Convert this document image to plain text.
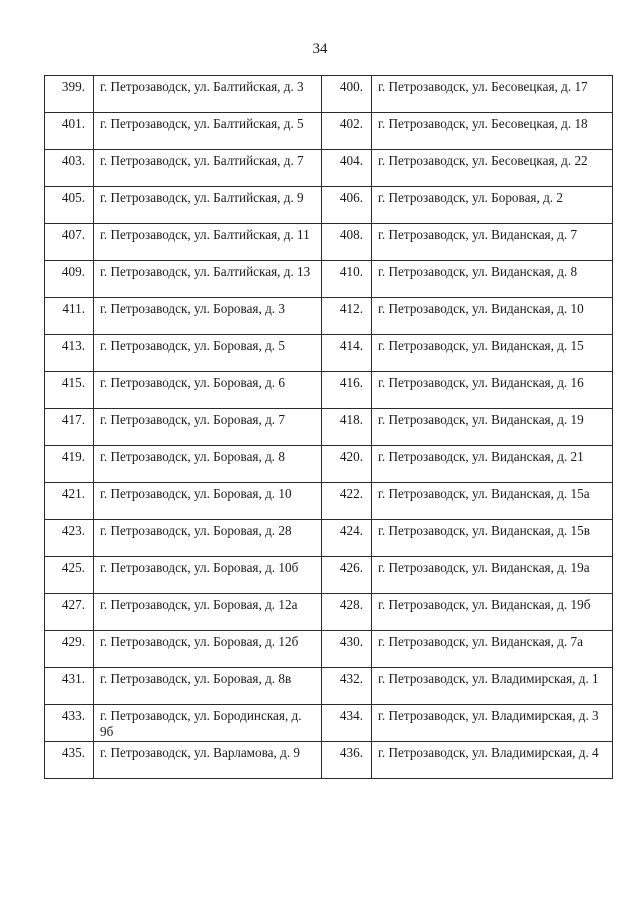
34
399.	г. Петрозаводск, ул. Балтийская, д. 3	400.	г. Петрозаводск, ул. Бесовецкая, д. 17
401.	г. Петрозаводск, ул. Балтийская, д. 5	402.	г. Петрозаводск, ул. Бесовецкая, д. 18
403.	г. Петрозаводск, ул. Балтийская, д. 7	404.	г. Петрозаводск, ул. Бесовецкая, д. 22
405.	г. Петрозаводск, ул. Балтийская, д. 9	406.	г. Петрозаводск, ул. Боровая, д. 2
407.	г. Петрозаводск, ул. Балтийская, д. 11	408.	г. Петрозаводск, ул. Виданская, д. 7
409.	г. Петрозаводск, ул. Балтийская, д. 13	410.	г. Петрозаводск, ул. Виданская, д. 8
411.	г. Петрозаводск, ул. Боровая, д. 3	412.	г. Петрозаводск, ул. Виданская, д. 10
413.	г. Петрозаводск, ул. Боровая, д. 5	414.	г. Петрозаводск, ул. Виданская, д. 15
415.	г. Петрозаводск, ул. Боровая, д. 6	416.	г. Петрозаводск, ул. Виданская, д. 16
417.	г. Петрозаводск, ул. Боровая, д. 7	418.	г. Петрозаводск, ул. Виданская, д. 19
419.	г. Петрозаводск, ул. Боровая, д. 8	420.	г. Петрозаводск, ул. Виданская, д. 21
421.	г. Петрозаводск, ул. Боровая, д. 10	422.	г. Петрозаводск, ул. Виданская, д. 15а
423.	г. Петрозаводск, ул. Боровая, д. 28	424.	г. Петрозаводск, ул. Виданская, д. 15в
425.	г. Петрозаводск, ул. Боровая, д. 10б	426.	г. Петрозаводск, ул. Виданская, д. 19а
427.	г. Петрозаводск, ул. Боровая, д. 12а	428.	г. Петрозаводск, ул. Виданская, д. 19б
429.	г. Петрозаводск, ул. Боровая, д. 12б	430.	г. Петрозаводск, ул. Виданская, д. 7а
431.	г. Петрозаводск, ул. Боровая, д. 8в	432.	г. Петрозаводск, ул. Владимирская, д. 1
433.	г. Петрозаводск, ул. Бородинская, д. 9б	434.	г. Петрозаводск, ул. Владимирская, д. 3
435.	г. Петрозаводск, ул. Варламова, д. 9	436.	г. Петрозаводск, ул. Владимирская, д. 4
